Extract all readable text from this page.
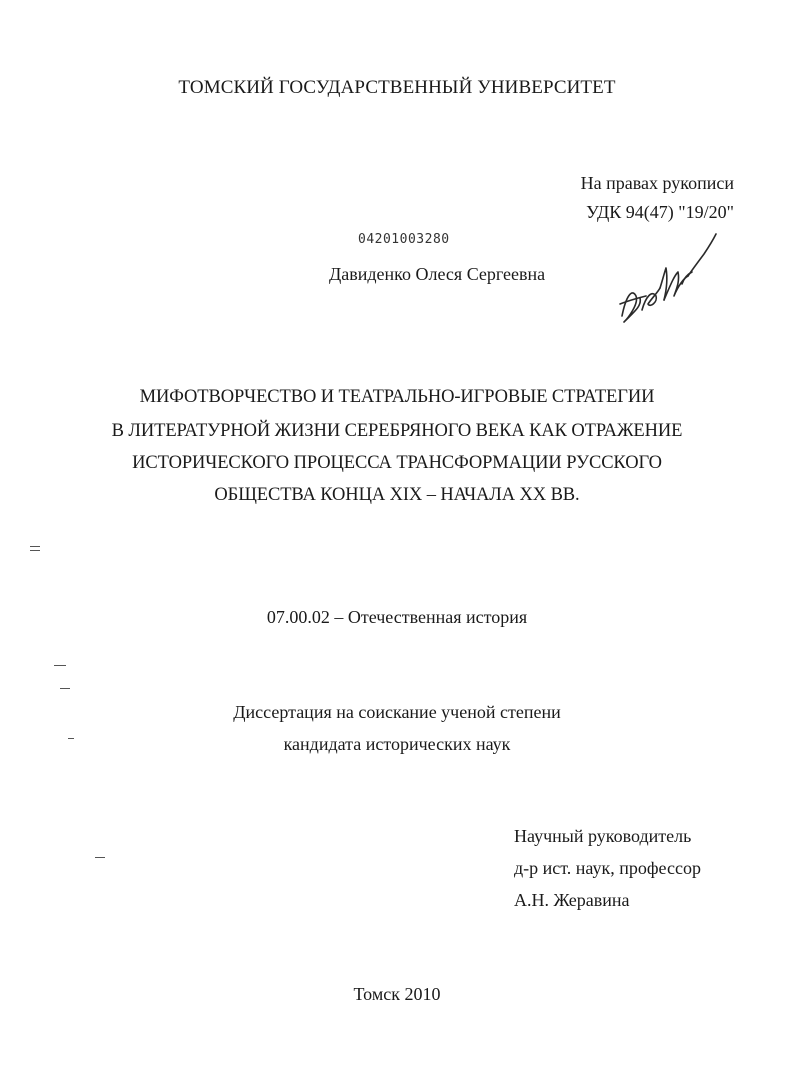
ТОМСКИЙ ГОСУДАРСТВЕННЫЙ УНИВЕРСИТЕТ
На правах рукописи
УДК 94(47) "19/20"
04201003280
Давиденко Олеся Сергеевна
МИФОТВОРЧЕСТВО И ТЕАТРАЛЬНО-ИГРОВЫЕ СТРАТЕГИИ
В ЛИТЕРАТУРНОЙ ЖИЗНИ СЕРЕБРЯНОГО ВЕКА КАК ОТРАЖЕНИЕ
ИСТОРИЧЕСКОГО ПРОЦЕССА ТРАНСФОРМАЦИИ РУССКОГО
ОБЩЕСТВА КОНЦА XIX – НАЧАЛА XX ВВ.
07.00.02 – Отечественная история
Диссертация на соискание ученой степени
кандидата исторических наук
Научный руководитель
д-р ист. наук, профессор
А.Н. Жеравина
Томск 2010
